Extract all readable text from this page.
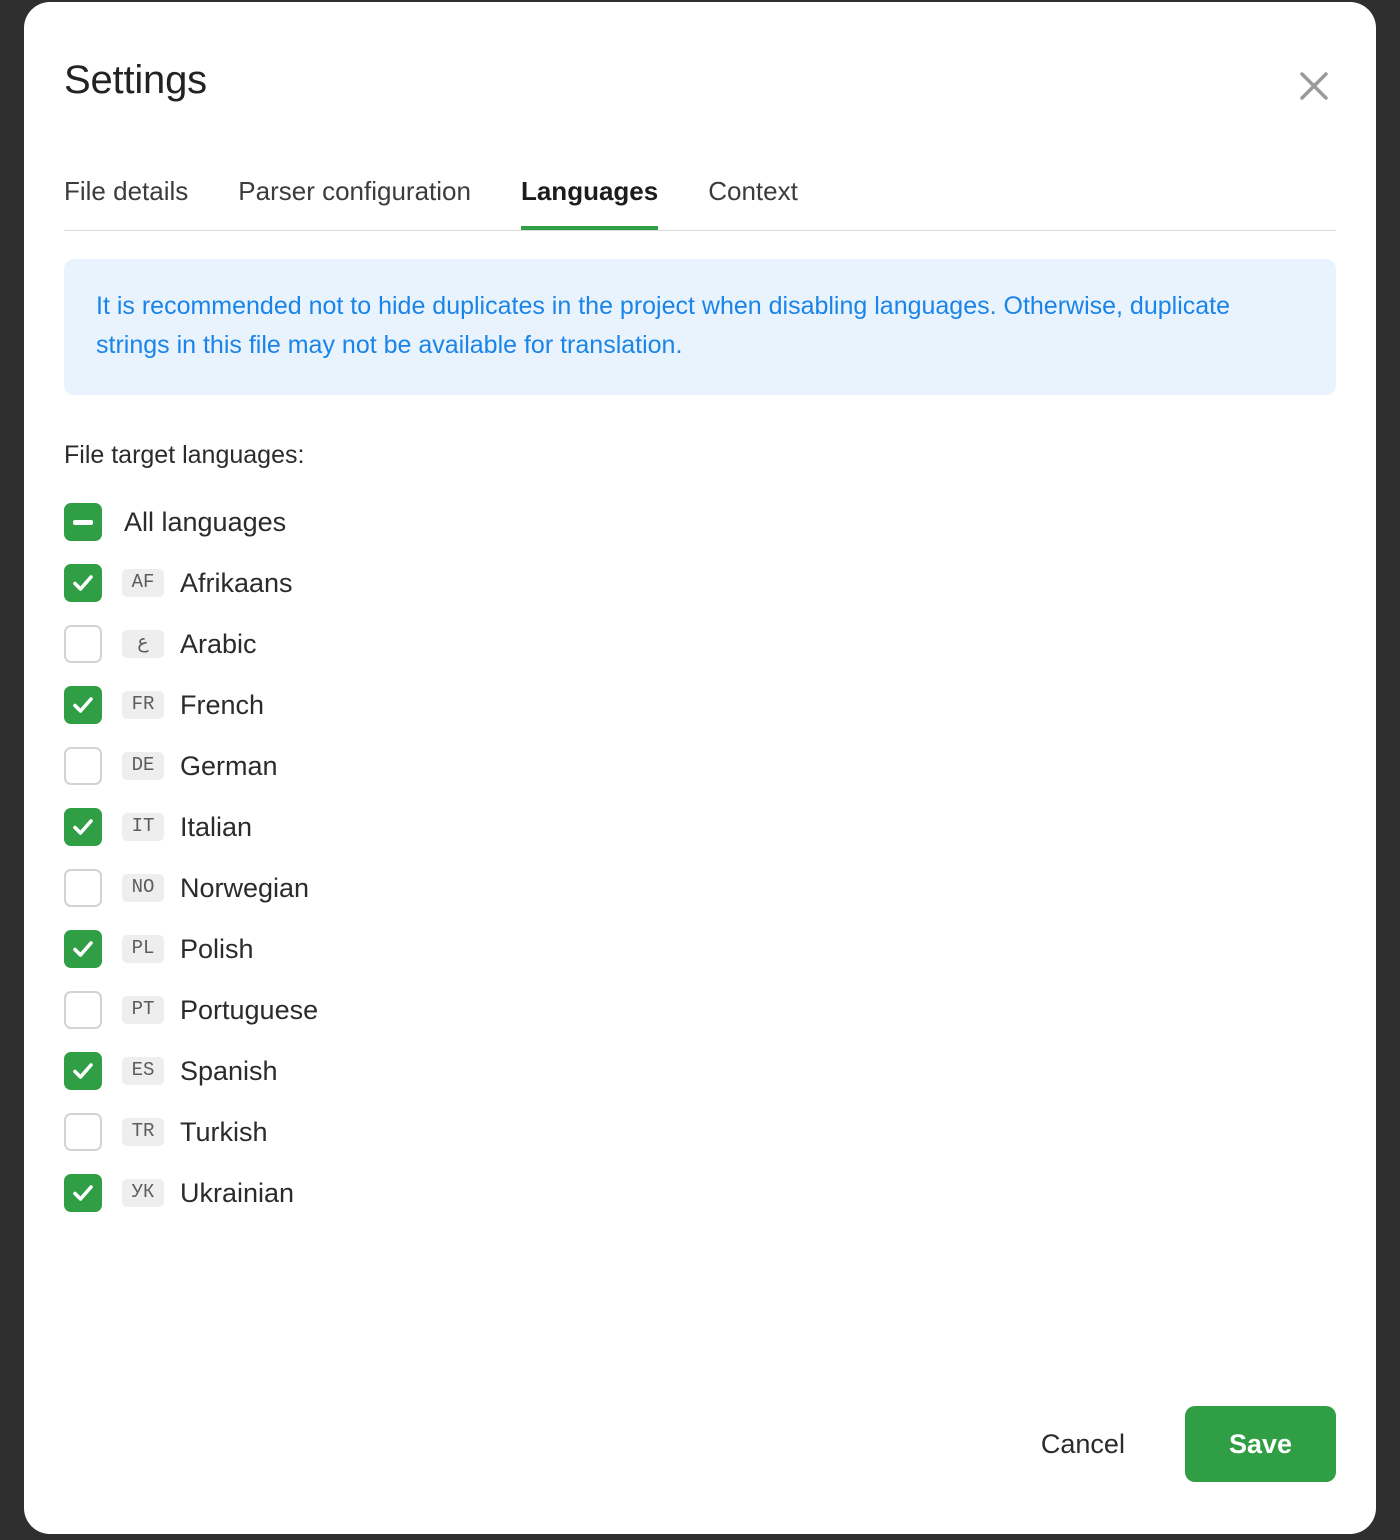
Settings
File details Parser configuration Languages Context
It is recommended not to hide duplicates in the project when disabling languages. Otherwise, duplicate strings in this file may not be available for translation.
File target languages:
All languages
AF Afrikaans
ع	Arabic
FR French
DE German
IT Italian
NO Norwegian
PL Polish
PT Portuguese
ES Spanish
TR Turkish
УК Ukrainian
Cancel	Save
